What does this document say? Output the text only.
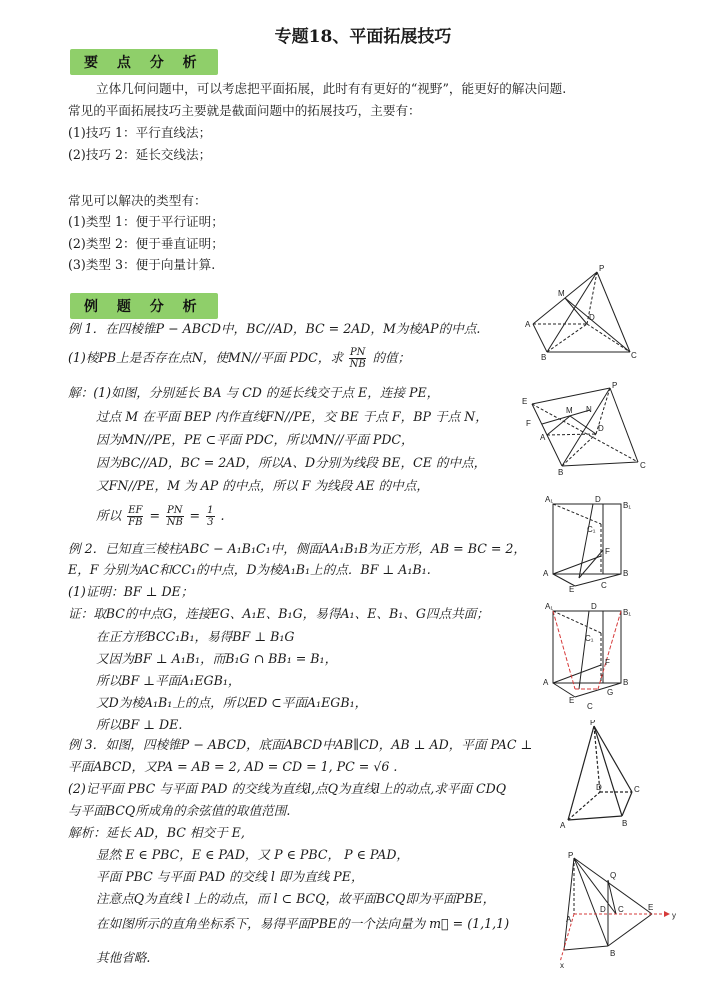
专题18、平面拓展技巧
要 点 分 析
立体几何问题中，可以考虑把平面拓展，此时有有更好的“视野”，能更好的解决问题.
常见的平面拓展技巧主要就是截面问题中的拓展技巧，主要有：
(1)技巧 1：平行直线法；
(2)技巧 2：延长交线法；
常见可以解决的类型有：
(1)类型 1：便于平行证明；
(2)类型 2：便于垂直证明；
(3)类型 3：便于向量计算.
例 题 分 析
例 1．在四棱锥P − ABCD中，BC//AD，BC = 2AD，M为棱AP的中点.
(1)棱PB上是否存在点N，使MN//平面 PDC，求 $\frac{PN}{NB}$ 的值；
解：(1)如图，分别延长 BA 与 CD 的延长线交于点 E，连接 PE，
过点 M 在平面 BEP 内作直线FN//PE，交 BE 于点 F，BP 于点 N，
因为MN//PE，PE ⊂平面 PDC，所以MN//平面 PDC，
因为BC//AD，BC = 2AD，所以A、D分别为线段 BE，CE 的中点，
又FN//PE，M 为 AP 的中点，所以 F 为线段 AE 的中点，
所以 $\frac{EF}{FB} = \frac{PN}{NB} = \frac{1}{3}$ .
例 2．已知直三棱柱ABC − A₁B₁C₁中，侧面AA₁B₁B为正方形，AB = BC = 2，
E，F 分别为AC和CC₁的中点，D为棱A₁B₁上的点．BF ⊥ A₁B₁.
(1)证明：BF ⊥ DE；
证：取BC的中点G，连接EG、A₁E、B₁G，易得A₁、E、B₁、G四点共面；
在正方形BCC₁B₁，易得BF ⊥ B₁G
又因为BF ⊥ A₁B₁，而B₁G ∩ BB₁ = B₁，
所以BF ⊥平面A₁EGB₁，
又D为棱A₁B₁上的点，所以ED ⊂平面A₁EGB₁，
所以BF ⊥ DE.
例 3．如图，四棱锥P − ABCD，底面ABCD中AB∥CD，AB ⊥ AD，平面 PAC ⊥
平面ABCD，又PA = AB = 2, AD = CD = 1, PC = √6 .
(2)记平面 PBC 与平面 PAD 的交线为直线l,点Q为直线l上的动点,求平面 CDQ
与平面BCQ所成角的余弦值的取值范围.
解析：延长 AD，BC 相交于 E,
显然 E ∈ PBC，E ∈ PAD，又 P ∈ PBC， P ∈ PAD，
平面 PBC 与平面 PAD 的交线 l 即为直线 PE，
注意点Q为直线 l 上的动点，而 l ⊂ BCQ，故平面BCQ即为平面PBE，
在如图所示的直角坐标系下，易得平面PBE的一个法向量为 m⃗ = (1,1,1)
其他省略.
P
M
D
A
B	C
P
E
M N
D
F
A
B
C
A₁	D
B₁
C₁
F
A	B
E	C
A₁	D
B₁
C₁
F
A	B
E
G
C
P
D	C
A	B
P
Q
D C
A
B
E
y
x
